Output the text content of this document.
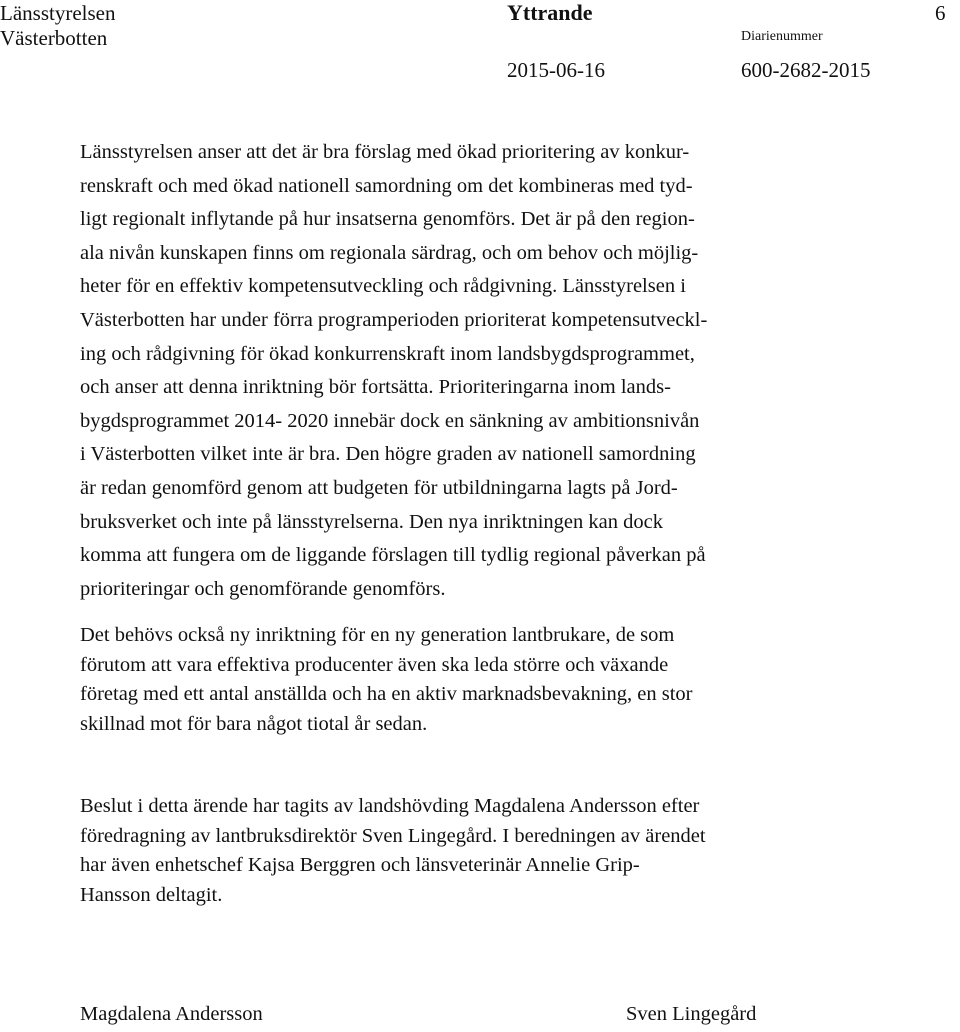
Länsstyrelsen
Västerbotten
Yttrande	6
Diarienummer
2015-06-16	600-2682-2015
Länsstyrelsen anser att det är bra förslag med ökad prioritering av konkur-
renskraft och med ökad nationell samordning om det kombineras med tyd-
ligt regionalt inflytande på hur insatserna genomförs. Det är på den region-
ala nivån kunskapen finns om regionala särdrag, och om behov och möjlig-
heter för en effektiv kompetensutveckling och rådgivning. Länsstyrelsen i
Västerbotten har under förra programperioden prioriterat kompetensutveckl-
ing och rådgivning för ökad konkurrenskraft inom landsbygdsprogrammet,
och anser att denna inriktning bör fortsätta. Prioriteringarna inom lands-
bygdsprogrammet 2014- 2020 innebär dock en sänkning av ambitionsnivån
i Västerbotten vilket inte är bra. Den högre graden av nationell samordning
är redan genomförd genom att budgeten för utbildningarna lagts på Jord-
bruksverket och inte på länsstyrelserna. Den nya inriktningen kan dock
komma att fungera om de liggande förslagen till tydlig regional påverkan på
prioriteringar och genomförande genomförs.
Det behövs också ny inriktning för en ny generation lantbrukare, de som
förutom att vara effektiva producenter även ska leda större och växande
företag med ett antal anställda och ha en aktiv marknadsbevakning, en stor
skillnad mot för bara något tiotal år sedan.
Beslut i detta ärende har tagits av landshövding Magdalena Andersson efter
föredragning av lantbruksdirektör Sven Lingegård. I beredningen av ärendet
har även enhetschef Kajsa Berggren och länsveterinär Annelie Grip-
Hansson deltagit.
Magdalena Andersson	Sven Lingegård
